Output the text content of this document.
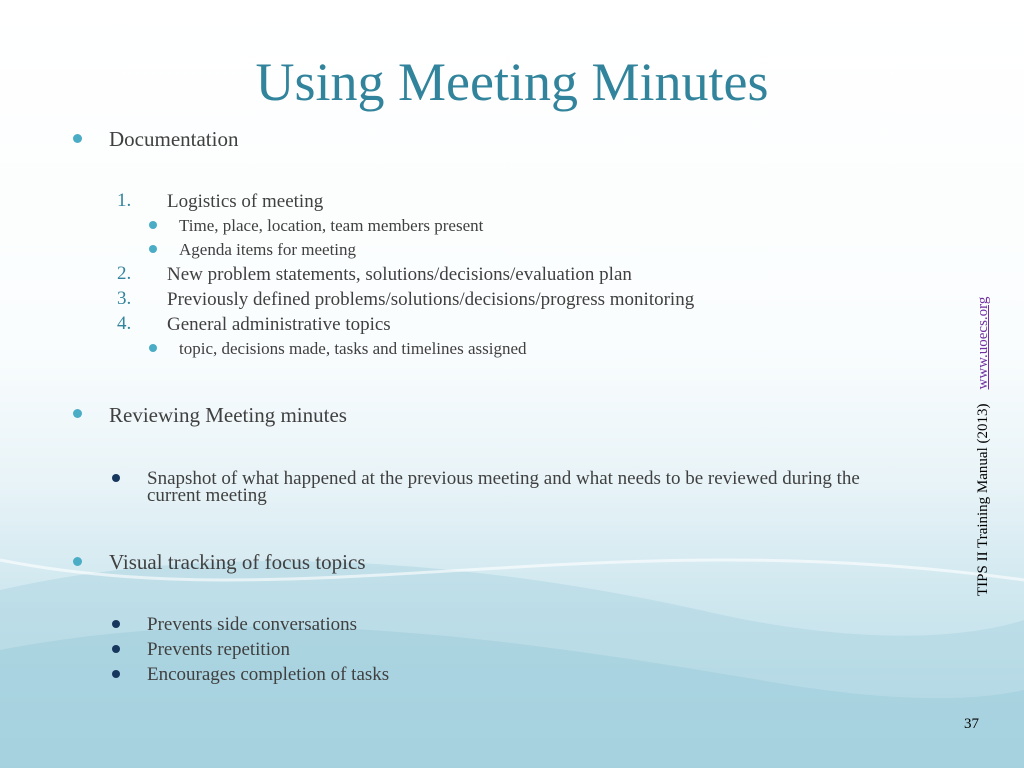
Using Meeting Minutes
Documentation
1. Logistics of meeting
Time, place, location, team members present
Agenda items for meeting
2. New problem statements, solutions/decisions/evaluation plan
3. Previously defined problems/solutions/decisions/progress monitoring
4. General administrative topics
topic, decisions made, tasks and timelines assigned
Reviewing Meeting minutes
Snapshot of what happened at the previous meeting and what needs to be reviewed during the current meeting
Visual tracking of focus topics
Prevents side conversations
Prevents repetition
Encourages completion of tasks
TIPS II Training Manual (2013)www.uoecs.org
37
